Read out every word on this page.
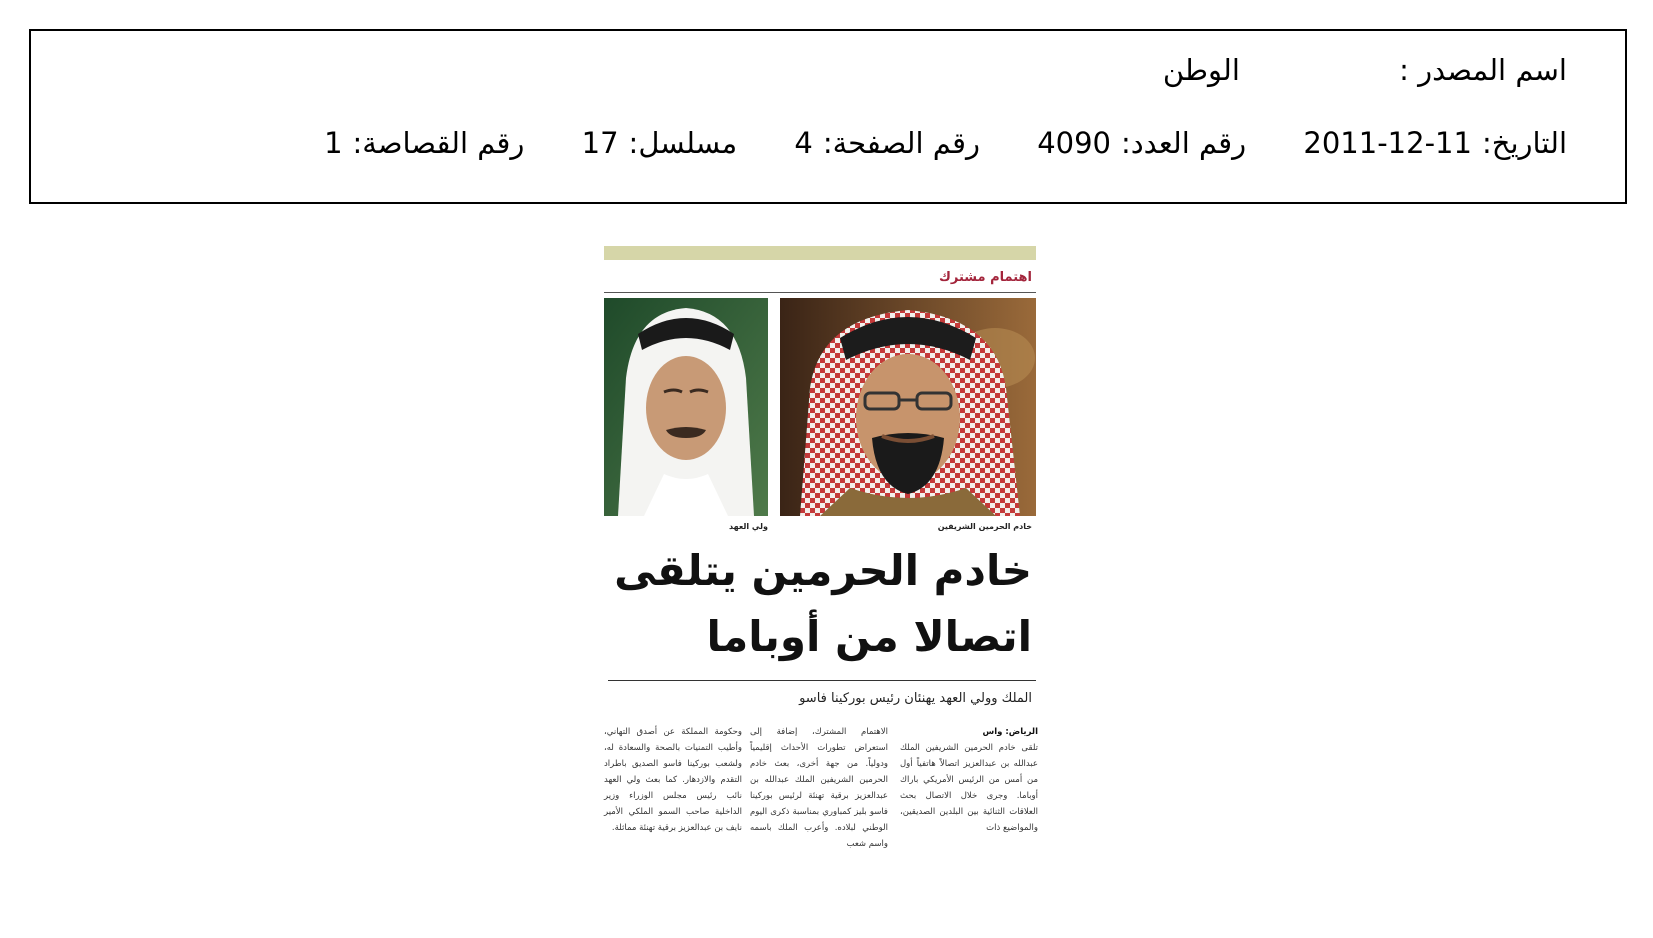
اسم المصدر : الوطن
التاريخ:2011-12-11 رقم العدد:4090 رقم الصفحة:4 مسلسل:17 رقم القصاصة:1
اهتمام مشترك
خادم الحرمين الشريفين
ولي العهد
خادم الحرمين يتلقى
اتصالا من أوباما
الملك وولي العهد يهنئان رئيس بوركينا فاسو
الرياض: واس
تلقى خادم الحرمين الشريفين الملك عبدالله بن عبدالعزيز اتصالاً هاتفياً أول من أمس من الرئيس الأمريكي باراك أوباما. وجرى خلال الاتصال بحث العلاقات الثنائية بين البلدين الصديقين، والمواضيع ذات
الاهتمام المشترك، إضافة إلى استعراض تطورات الأحداث إقليمياً ودولياً. من جهة أخرى، بعث خادم الحرمين الشريفين الملك عبدالله بن عبدالعزيز برقية تهنئة لرئيس بوركينا فاسو بليز كمباوري بمناسبة ذكرى اليوم الوطني لبلاده. وأعرب الملك باسمه واسم شعب
وحكومة المملكة عن أصدق التهاني، وأطيب التمنيات بالصحة والسعادة له، ولشعب بوركينا فاسو الصديق باطراد التقدم والازدهار. كما بعث ولي العهد نائب رئيس مجلس الوزراء وزير الداخلية صاحب السمو الملكي الأمير نايف بن عبدالعزيز برقية تهنئة مماثلة.
